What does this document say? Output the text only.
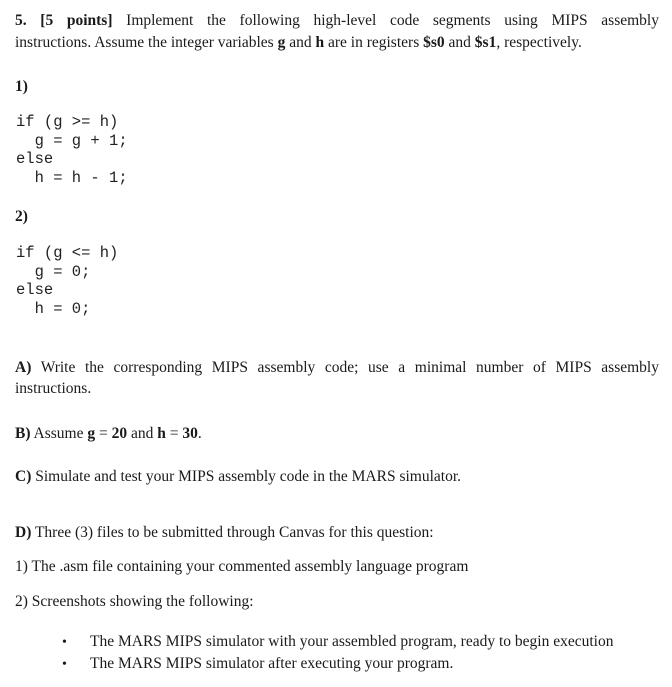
5. [5 points] Implement the following high-level code segments using MIPS assembly
instructions. Assume the integer variables g and h are in registers $s0 and $s1, respectively.
1)
if (g >= h)
g = g + 1;
else
h = h - 1;
2)
if (g <= h)
g = 0;
else
h = 0;
A) Write the corresponding MIPS assembly code; use a minimal number of MIPS assembly
instructions.
B) Assume g = 20 and h = 30.
C) Simulate and test your MIPS assembly code in the MARS simulator.
D) Three (3) files to be submitted through Canvas for this question:
1) The .asm file containing your commented assembly language program
2) Screenshots showing the following:
• The MARS MIPS simulator with your assembled program, ready to begin execution
• The MARS MIPS simulator after executing your program.
